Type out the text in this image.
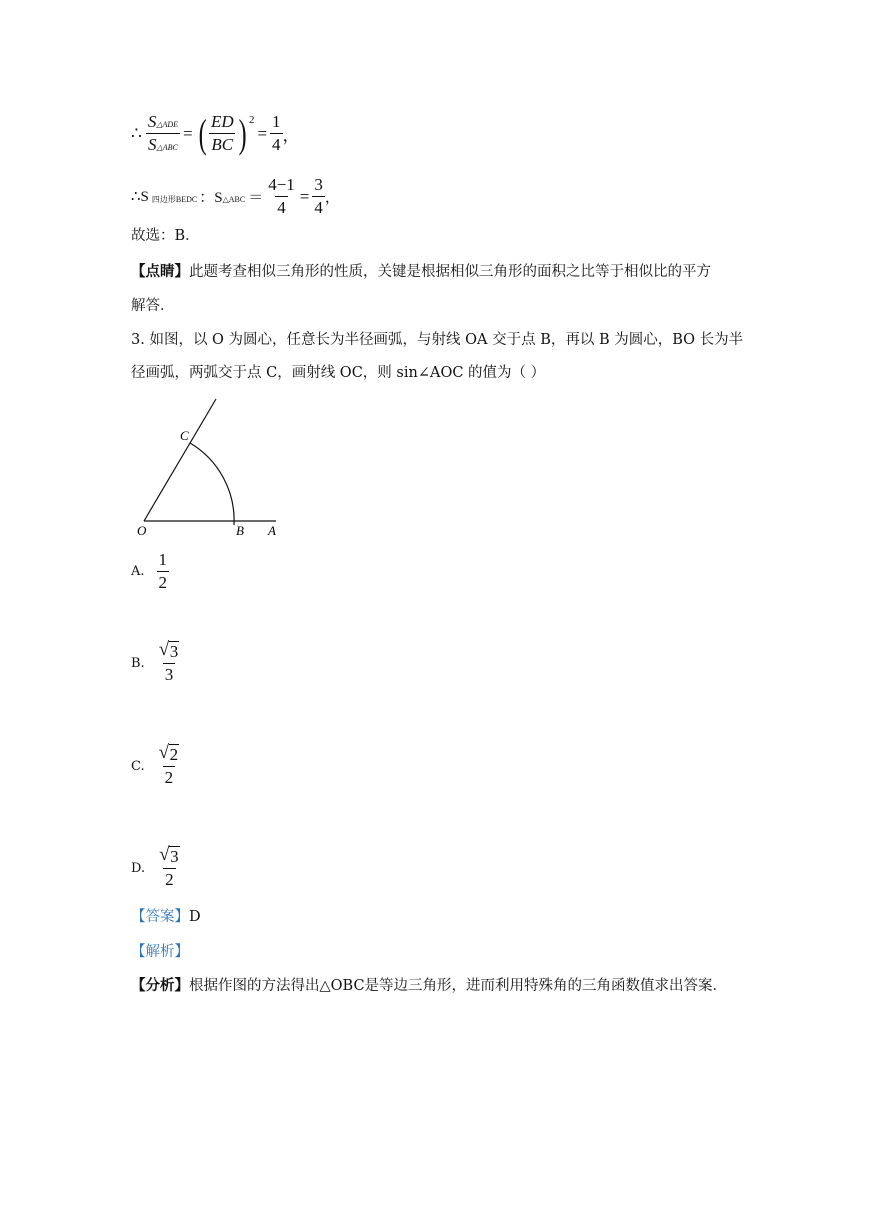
∴ $\frac{\text{S△ADE}}{\text{S△ABC}}$ = ( $\frac{ED}{BC}$ ) 2
= $\frac{1}{4}$ ，
∴S 四边形BEDC ：S △ABC ＝ $\frac{4-1}{4} = \frac{3}{4}$ ，
故选：B．
【点睛】此题考查相似三角形的性质，关键是根据相似三角形的面积之比等于相似比的平方
解答．
3. 如图，以 O 为圆心，任意长为半径画弧，与射线 OA 交于点 B，再以 B 为圆心，BO 长为半
径画弧，两弧交于点 C，画射线 OC，则 sin∠AOC 的值为（ ）
O	B A
C
A. $\frac{1}{2}$
B. $\frac{√ 3}{3}$
C. $\frac{√ 2}{2}$
D. $\frac{√ 3}{2}$
【答案】D
【解析】
【分析】根据作图的方法得出△OBC是等边三角形，进而利用特殊角的三角函数值求出答案．
